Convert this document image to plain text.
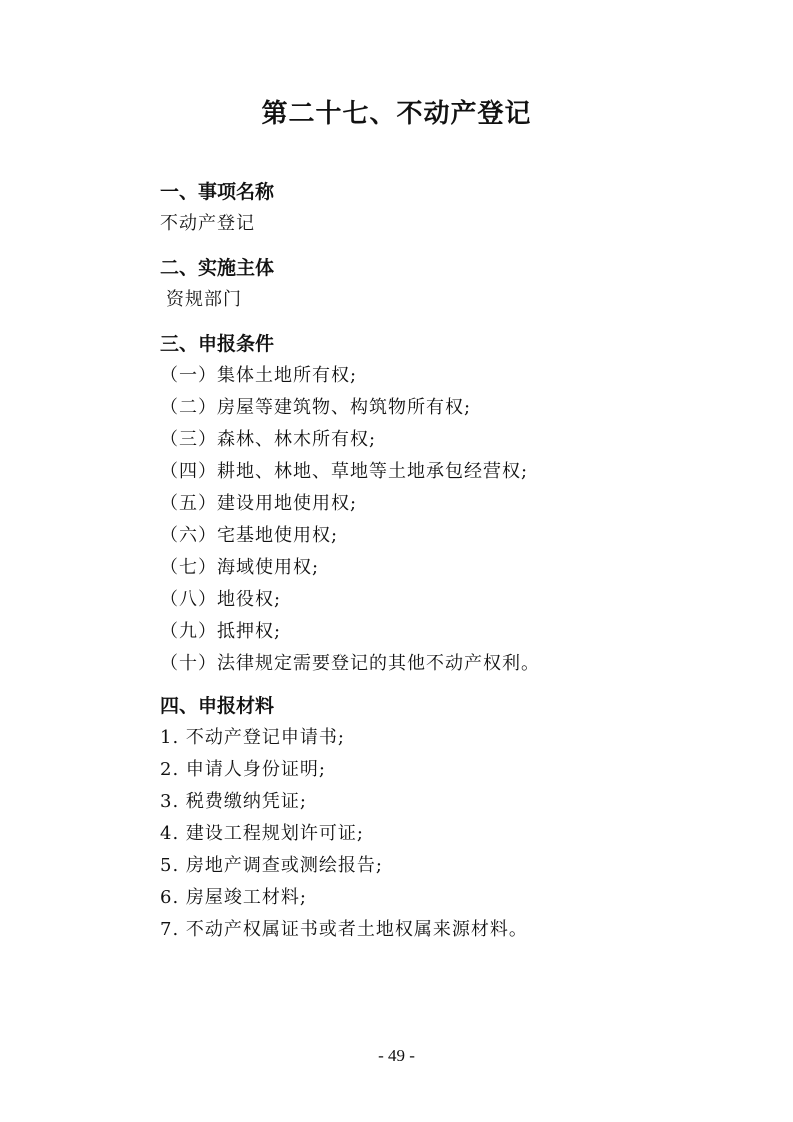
第二十七、不动产登记

一、事项名称

不动产登记

二、实施主体

资规部门

三、申报条件

（一）集体土地所有权;

（二）房屋等建筑物、构筑物所有权;

（三）森林、林木所有权;

（四）耕地、林地、草地等土地承包经营权;

（五）建设用地使用权;

（六）宅基地使用权;

（七）海域使用权;

（八）地役权;

（九）抵押权;

（十）法律规定需要登记的其他不动产权利。

四、申报材料

1. 不动产登记申请书;

2. 申请人身份证明;

3. 税费缴纳凭证;

4. 建设工程规划许可证;

5. 房地产调查或测绘报告;

6. 房屋竣工材料;

7. 不动产权属证书或者土地权属来源材料。

- 49 -
